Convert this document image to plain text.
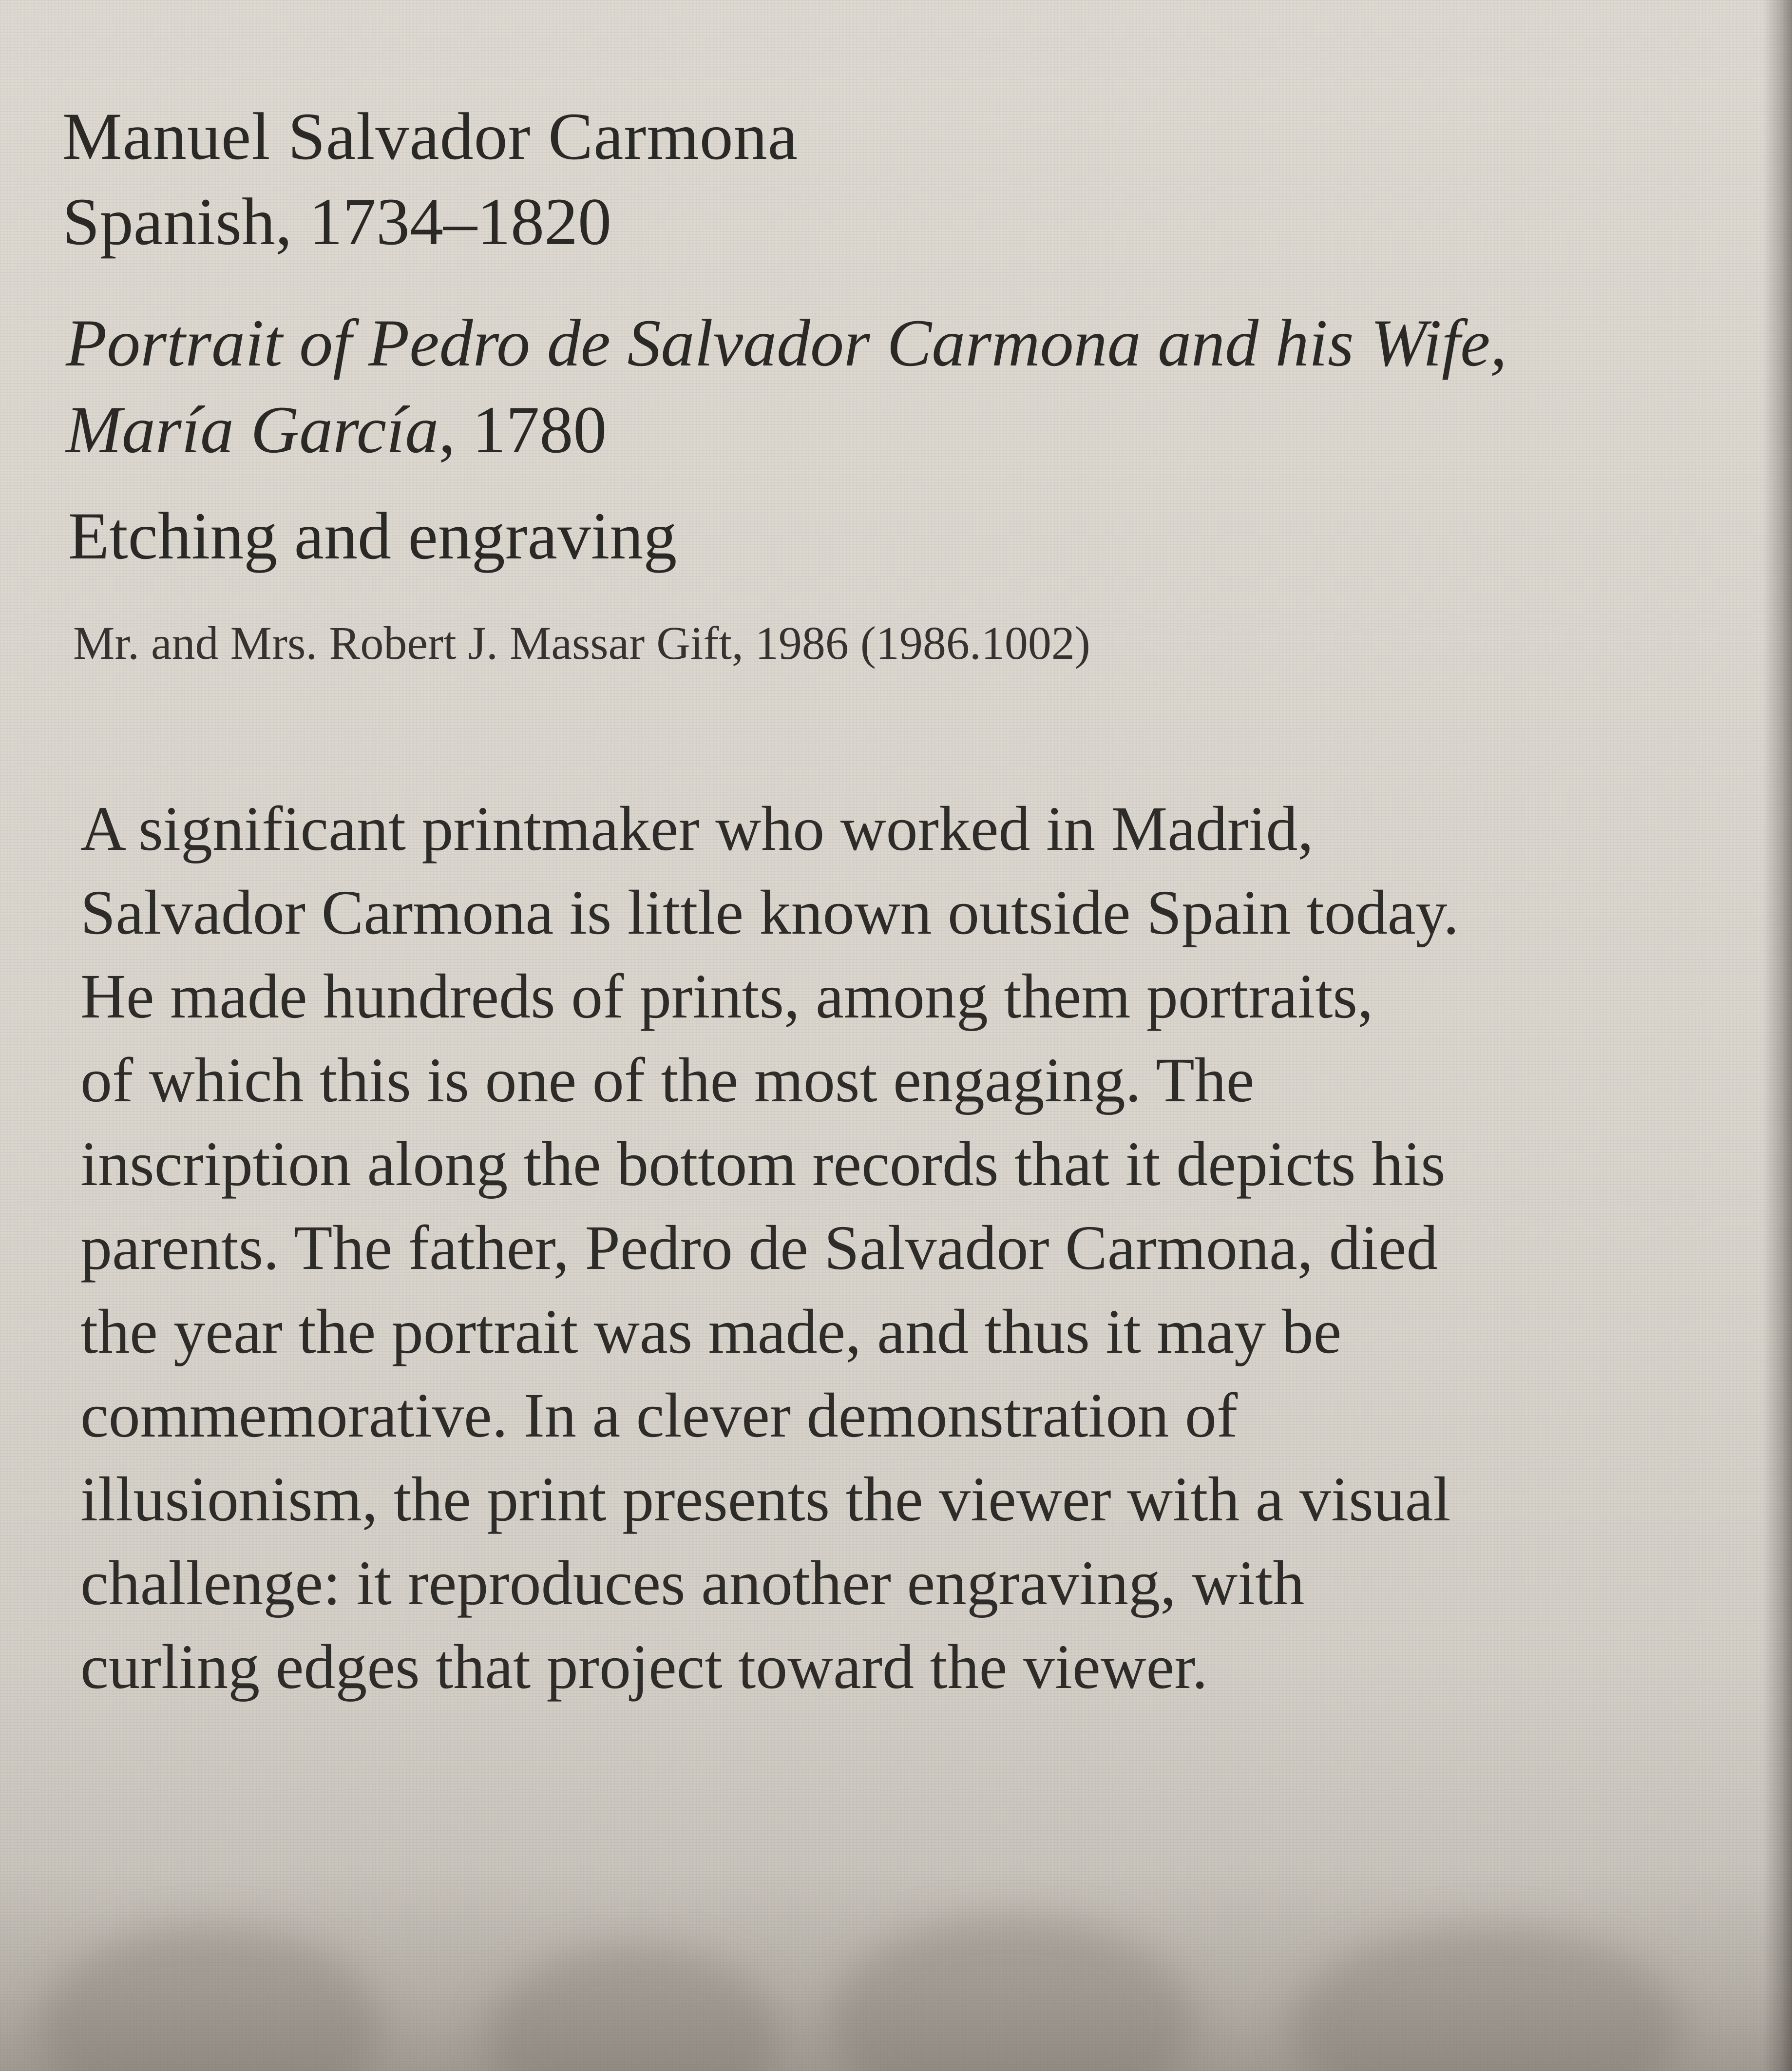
Manuel Salvador Carmona
Spanish, 1734–1820
Portrait of Pedro de Salvador Carmona and his Wife,
María García, 1780
Etching and engraving
Mr. and Mrs. Robert J. Massar Gift, 1986 (1986.1002)
A significant printmaker who worked in Madrid,
Salvador Carmona is little known outside Spain today.
He made hundreds of prints, among them portraits,
of which this is one of the most engaging. The
inscription along the bottom records that it depicts his
parents. The father, Pedro de Salvador Carmona, died
the year the portrait was made, and thus it may be
commemorative. In a clever demonstration of
illusionism, the print presents the viewer with a visual
challenge: it reproduces another engraving, with
curling edges that project toward the viewer.
